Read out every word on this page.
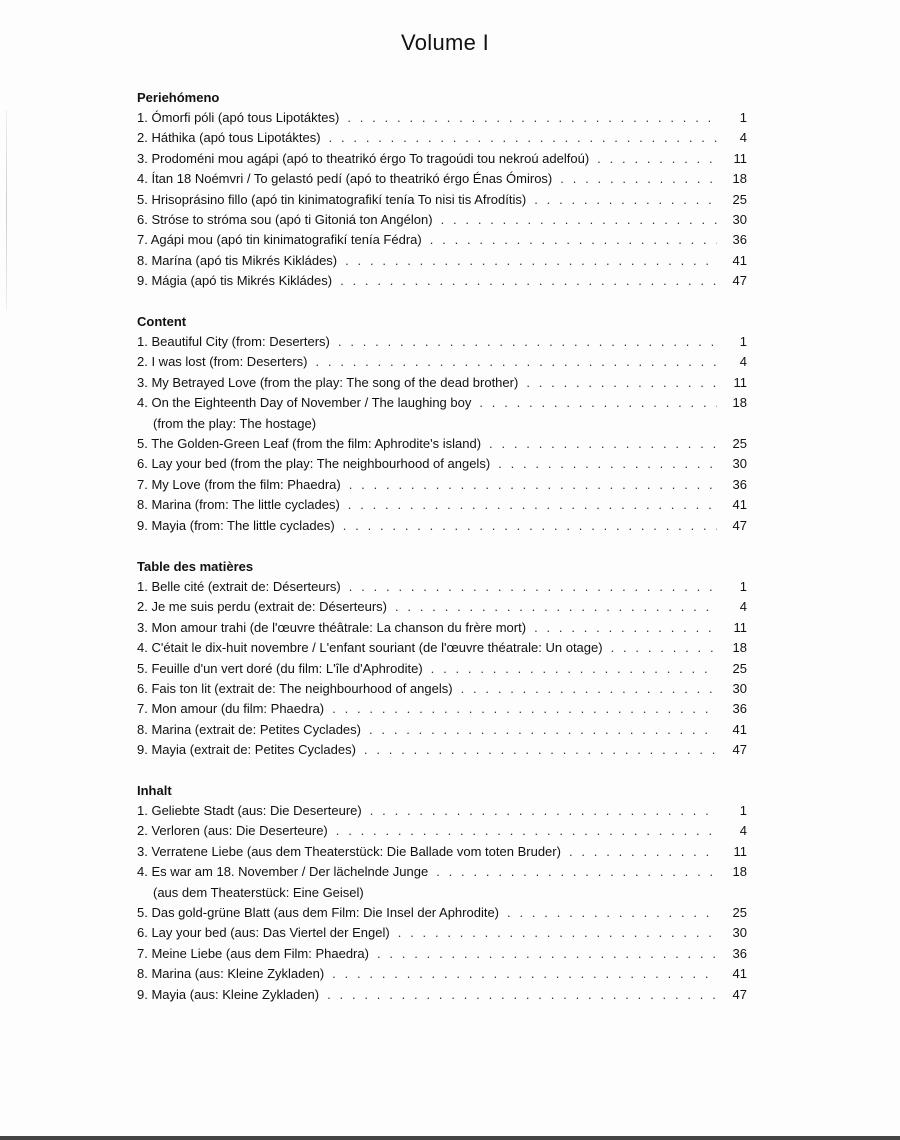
Volume I
Periehómeno
1. Ómorfi póli (apó tous Lipotáktes) . . .	1
2. Háthika (apó tous Lipotáktes) . . .	4
3. Prodoméni mou agápi (apó to theatrikó érgo To tragoúdi tou nekroú adelfoú) . . .	11
4. Ítan 18 Noémvri / To gelastó pedí (apó to theatrikó érgo Énas Ómiros) . . .	18
5. Hrisoprásino fillo (apó tin kinimatografikí tenía To nisi tis Afrodítis) . . .	25
6. Stróse to stróma sou (apó ti Gitoniá ton Angélon) . . .	30
7. Agápi mou (apó tin kinimatografikí tenía Fédra) . . .	36
8. Marína (apó tis Mikrés Kikládes) . . .	41
9. Mágia (apó tis Mikrés Kikládes) . . .	47
Content
1. Beautiful City (from: Deserters) . . .	1
2. I was lost (from: Deserters) . . .	4
3. My Betrayed Love (from the play: The song of the dead brother) . . .	11
4. On the Eighteenth Day of November / The laughing boy . . .	18
(from the play: The hostage)
5. The Golden-Green Leaf (from the film: Aphrodite's island) . . .	25
6. Lay your bed (from the play: The neighbourhood of angels) . . .	30
7. My Love (from the film: Phaedra) . . .	36
8. Marina (from: The little cyclades) . . .	41
9. Mayia (from: The little cyclades) . . .	47
Table des matières
1. Belle cité (extrait de: Déserteurs) . . .	1
2. Je me suis perdu (extrait de: Déserteurs) . . .	4
3. Mon amour trahi (de l'œuvre théâtrale: La chanson du frère mort) . . .	11
4. C'était le dix-huit novembre / L'enfant souriant (de l'œuvre théatrale: Un otage) . . .	18
5. Feuille d'un vert doré (du film: L'île d'Aphrodite) . . .	25
6. Fais ton lit (extrait de: The neighbourhood of angels) . . .	30
7. Mon amour (du film: Phaedra) . . .	36
8. Marina (extrait de: Petites Cyclades) . . .	41
9. Mayia (extrait de: Petites Cyclades) . . .	47
Inhalt
1. Geliebte Stadt (aus: Die Deserteure) . . .	1
2. Verloren (aus: Die Deserteure) . . .	4
3. Verratene Liebe (aus dem Theaterstück: Die Ballade vom toten Bruder) . . .	11
4. Es war am 18. November / Der lächelnde Junge . . .	18
(aus dem Theaterstück: Eine Geisel)
5. Das gold-grüne Blatt (aus dem Film: Die Insel der Aphrodite) . . .	25
6. Lay your bed (aus: Das Viertel der Engel) . . .	30
7. Meine Liebe (aus dem Film: Phaedra) . . .	36
8. Marina (aus: Kleine Zykladen) . . .	41
9. Mayia (aus: Kleine Zykladen) . . .	47
